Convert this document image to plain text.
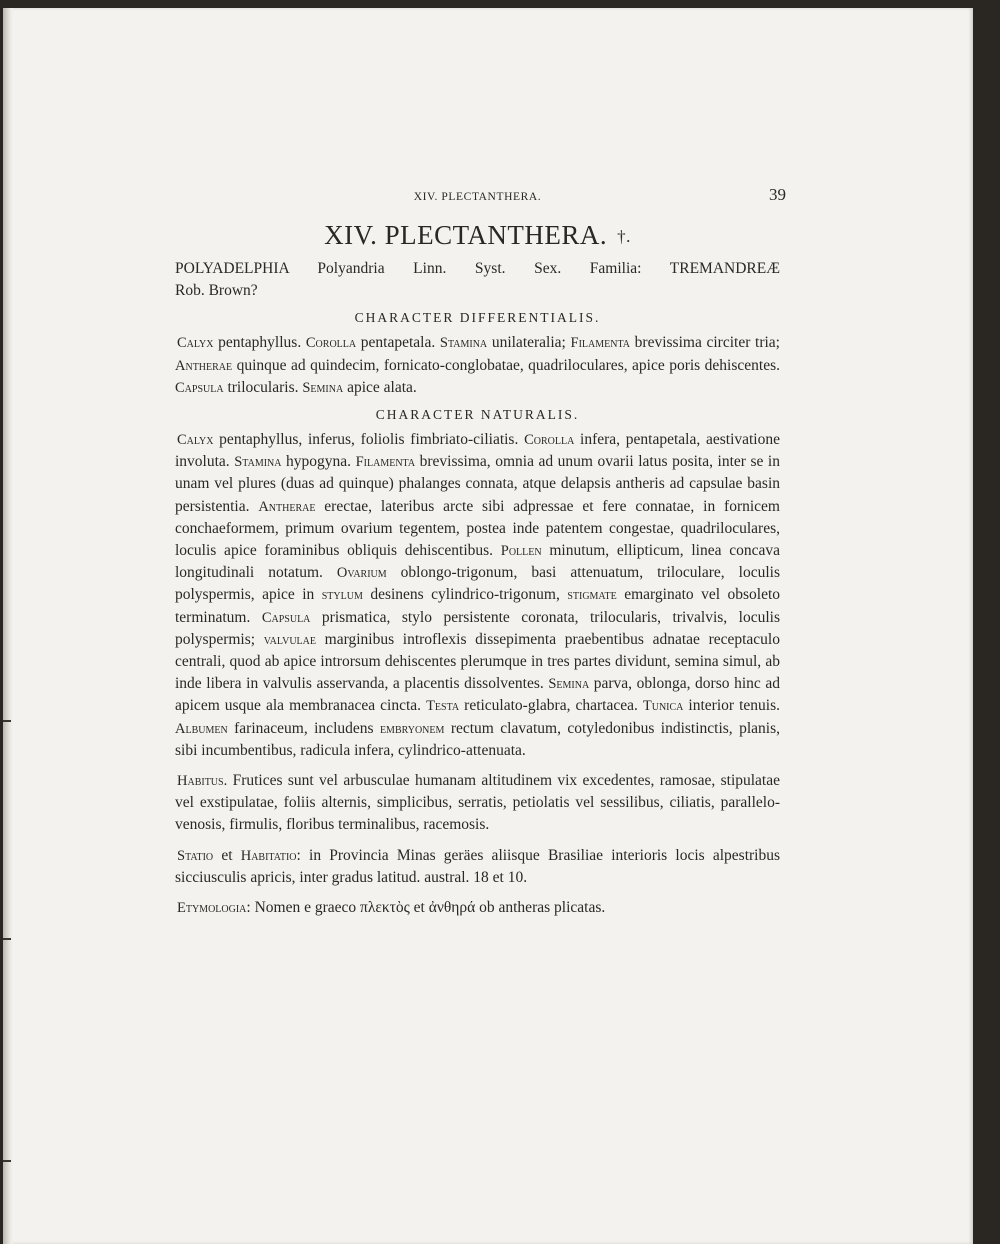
XIV. PLECTANTHERA.	39
XIV. PLECTANTHERA. †.

POLYADELPHIA Polyandria Linn. Syst. Sex. Familia: TREMANDREÆ

Rob. Brown?

CHARACTER DIFFERENTIALIS.

Calyx pentaphyllus. Corolla pentapetala. Stamina unilateralia; Filamenta brevissima circiter tria; Antherae quinque ad quindecim, fornicato-conglobatae, quadriloculares, apice poris dehiscentes. Capsula trilocularis. Semina apice alata.

CHARACTER NATURALIS.

Calyx pentaphyllus, inferus, foliolis fimbriato-ciliatis. Corolla infera, pentapetala, aestivatione involuta. Stamina hypogyna. Filamenta brevissima, omnia ad unum ovarii latus posita, inter se in unam vel plures (duas ad quinque) phalanges connata, atque delapsis antheris ad capsulae basin persistentia. Antherae erectae, lateribus arcte sibi adpressae et fere connatae, in fornicem conchaeformem, primum ovarium tegentem, postea inde patentem congestae, quadriloculares, loculis apice foraminibus obliquis dehiscentibus. Pollen minutum, ellipticum, linea concava longitudinali notatum. Ovarium oblongo-trigonum, basi attenuatum, triloculare, loculis polyspermis, apice in stylum desinens cylindrico-trigonum, stigmate emarginato vel obsoleto terminatum. Capsula prismatica, stylo persistente coronata, trilocularis, trivalvis, loculis polyspermis; valvulae marginibus introflexis dissepimenta praebentibus adnatae receptaculo centrali, quod ab apice introrsum dehiscentes plerumque in tres partes dividunt, semina simul, ab inde libera in valvulis asservanda, a placentis dissolventes. Semina parva, oblonga, dorso hinc ad apicem usque ala membranacea cincta. Testa reticulato-glabra, chartacea. Tunica interior tenuis. Albumen farinaceum, includens embryonem rectum clavatum, cotyledonibus indistinctis, planis, sibi incumbentibus, radicula infera, cylindrico-attenuata.

Habitus. Frutices sunt vel arbusculae humanam altitudinem vix excedentes, ramosae, stipulatae vel exstipulatae, foliis alternis, simplicibus, serratis, petiolatis vel sessilibus, ciliatis, parallelo-venosis, firmulis, floribus terminalibus, racemosis.

Statio et Habitatio: in Provincia Minas geräes aliisque Brasiliae interioris locis alpestribus sicciusculis apricis, inter gradus latitud. austral. 18 et 10.

Etymologia: Nomen e graeco πλεκτὸς et ἀνθηρά ob antheras plicatas.
